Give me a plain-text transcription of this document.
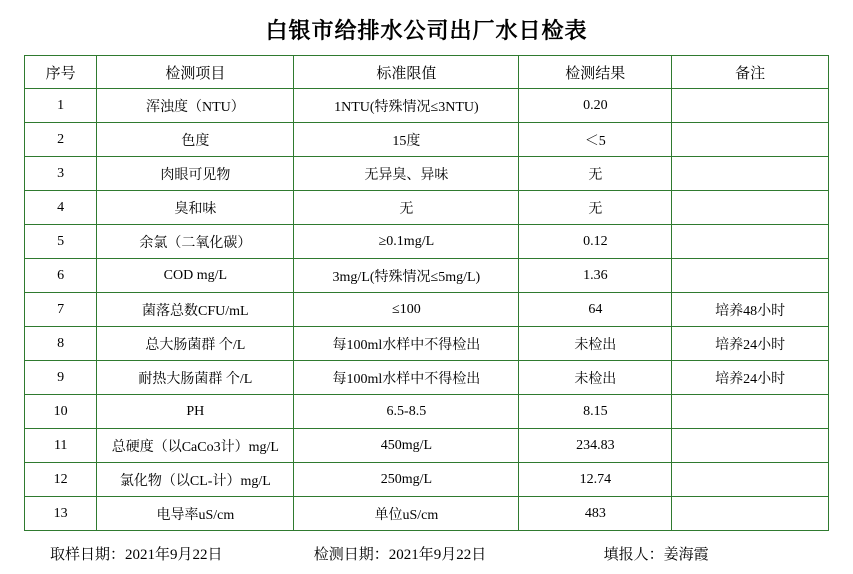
白银市给排水公司出厂水日检表
序号	检测项目	标准限值	检测结果	备注
1	浑浊度（NTU）	1NTU(特殊情况≤3NTU)	0.20	
2	色度	15度	＜5	
3	肉眼可见物	无异臭、异味	无	
4	臭和味	无	无	
5	余氯（二氧化碳）	≥0.1mg/L	0.12	
6	COD mg/L	3mg/L(特殊情况≤5mg/L)	1.36	
7	菌落总数CFU/mL	≤100	64	培养48小时
8	总大肠菌群 个/L	每100ml水样中不得检出	未检出	培养24小时
9	耐热大肠菌群 个/L	每100ml水样中不得检出	未检出	培养24小时
10	PH	6.5-8.5	8.15	
11	总硬度（以CaCo3计）mg/L	450mg/L	234.83	
12	氯化物（以CL-计）mg/L	250mg/L	12.74	
13	电导率uS/cm	单位uS/cm	483	
取样日期：2021年9月22日	检测日期：2021年9月22日	填报人：姜海霞
